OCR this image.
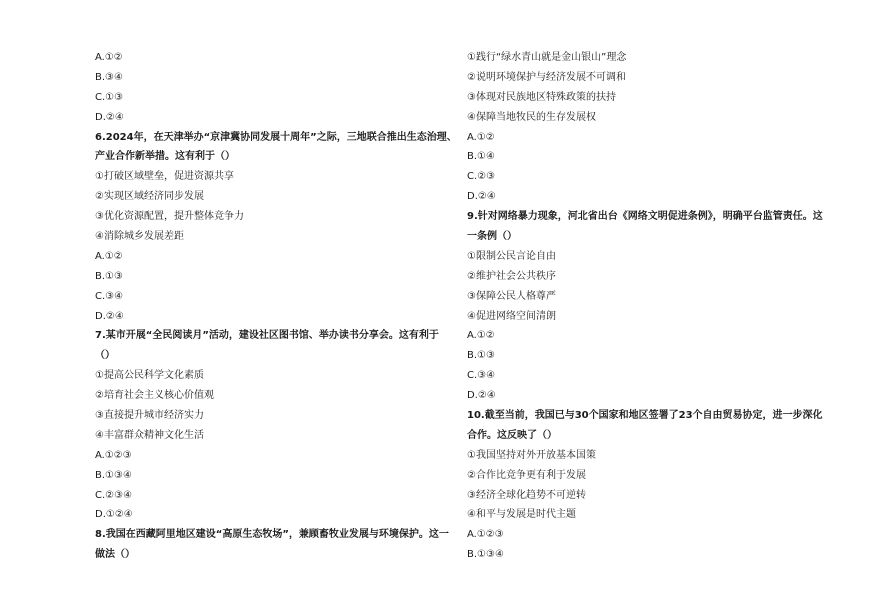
A.①②
B.③④
C.①③
D.②④
6.2024年，在天津举办“京津冀协同发展十周年”之际，三地联合推出生态治理、
产业合作新举措。这有利于（）
①打破区域壁垒，促进资源共享
②实现区域经济同步发展
③优化资源配置，提升整体竞争力
④消除城乡发展差距
A.①②
B.①③
C.③④
D.②④
7.某市开展“全民阅读月”活动，建设社区图书馆、举办读书分享会。这有利于
（）
①提高公民科学文化素质
②培育社会主义核心价值观
③直接提升城市经济实力
④丰富群众精神文化生活
A.①②③
B.①③④
C.②③④
D.①②④
8.我国在西藏阿里地区建设“高原生态牧场”，兼顾畜牧业发展与环境保护。这一
做法（）
①践行“绿水青山就是金山银山”理念
②说明环境保护与经济发展不可调和
③体现对民族地区特殊政策的扶持
④保障当地牧民的生存发展权
A.①②
B.①④
C.②③
D.②④
9.针对网络暴力现象，河北省出台《网络文明促进条例》，明确平台监管责任。这
一条例（）
①限制公民言论自由
②维护社会公共秩序
③保障公民人格尊严
④促进网络空间清朗
A.①②
B.①③
C.③④
D.②④
10.截至当前，我国已与30个国家和地区签署了23个自由贸易协定，进一步深化
合作。这反映了（）
①我国坚持对外开放基本国策
②合作比竞争更有利于发展
③经济全球化趋势不可逆转
④和平与发展是时代主题
A.①②③
B.①③④
